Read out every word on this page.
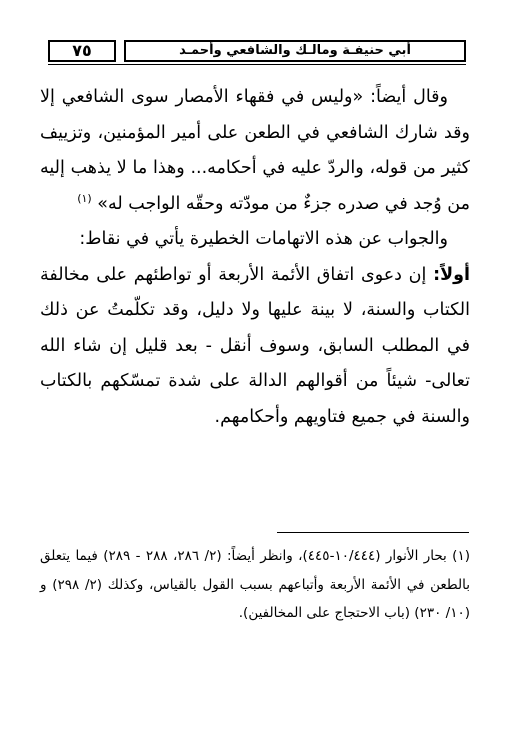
٧٥	أبي حنيفـة ومالـك والشافعي وأحمـد

وقال أيضاً: «وليس في فقهاء الأمصار سوى الشافعي إلا وقد شارك الشافعي في الطعن على أمير المؤمنين، وتزييف كثير من قوله، والردّ عليه في أحكامه... وهذا ما لا يذهب إليه من وُجد في صدره جزءٌ من مودّته وحقّه الواجب له» $^{(١)}$

والجواب عن هذه الاتهامات الخطيرة يأتي في نقاط:

أولاً: إن دعوى اتفاق الأئمة الأربعة أو تواطئهم على مخالفة الكتاب والسنة، لا بينة عليها ولا دليل، وقد تكلّمتُ عن ذلك في المطلب السابق، وسوف أنقل - بعد قليل إن شاء الله تعالى- شيئاً من أقوالهم الدالة على شدة تمسّكهم بالكتاب والسنة في جميع فتاويهم وأحكامهم.

(١) بحار الأنوار (١٠/٤٤٤-٤٤٥)، وانظر أيضاً: (٢/ ٢٨٦، ٢٨٨ - ٢٨٩) فيما يتعلق بالطعن في الأئمة الأربعة وأتباعهم بسبب القول بالقياس، وكذلك (٢/ ٢٩٨) و (١٠/ ٢٣٠) (باب الاحتجاج على المخالفين).
